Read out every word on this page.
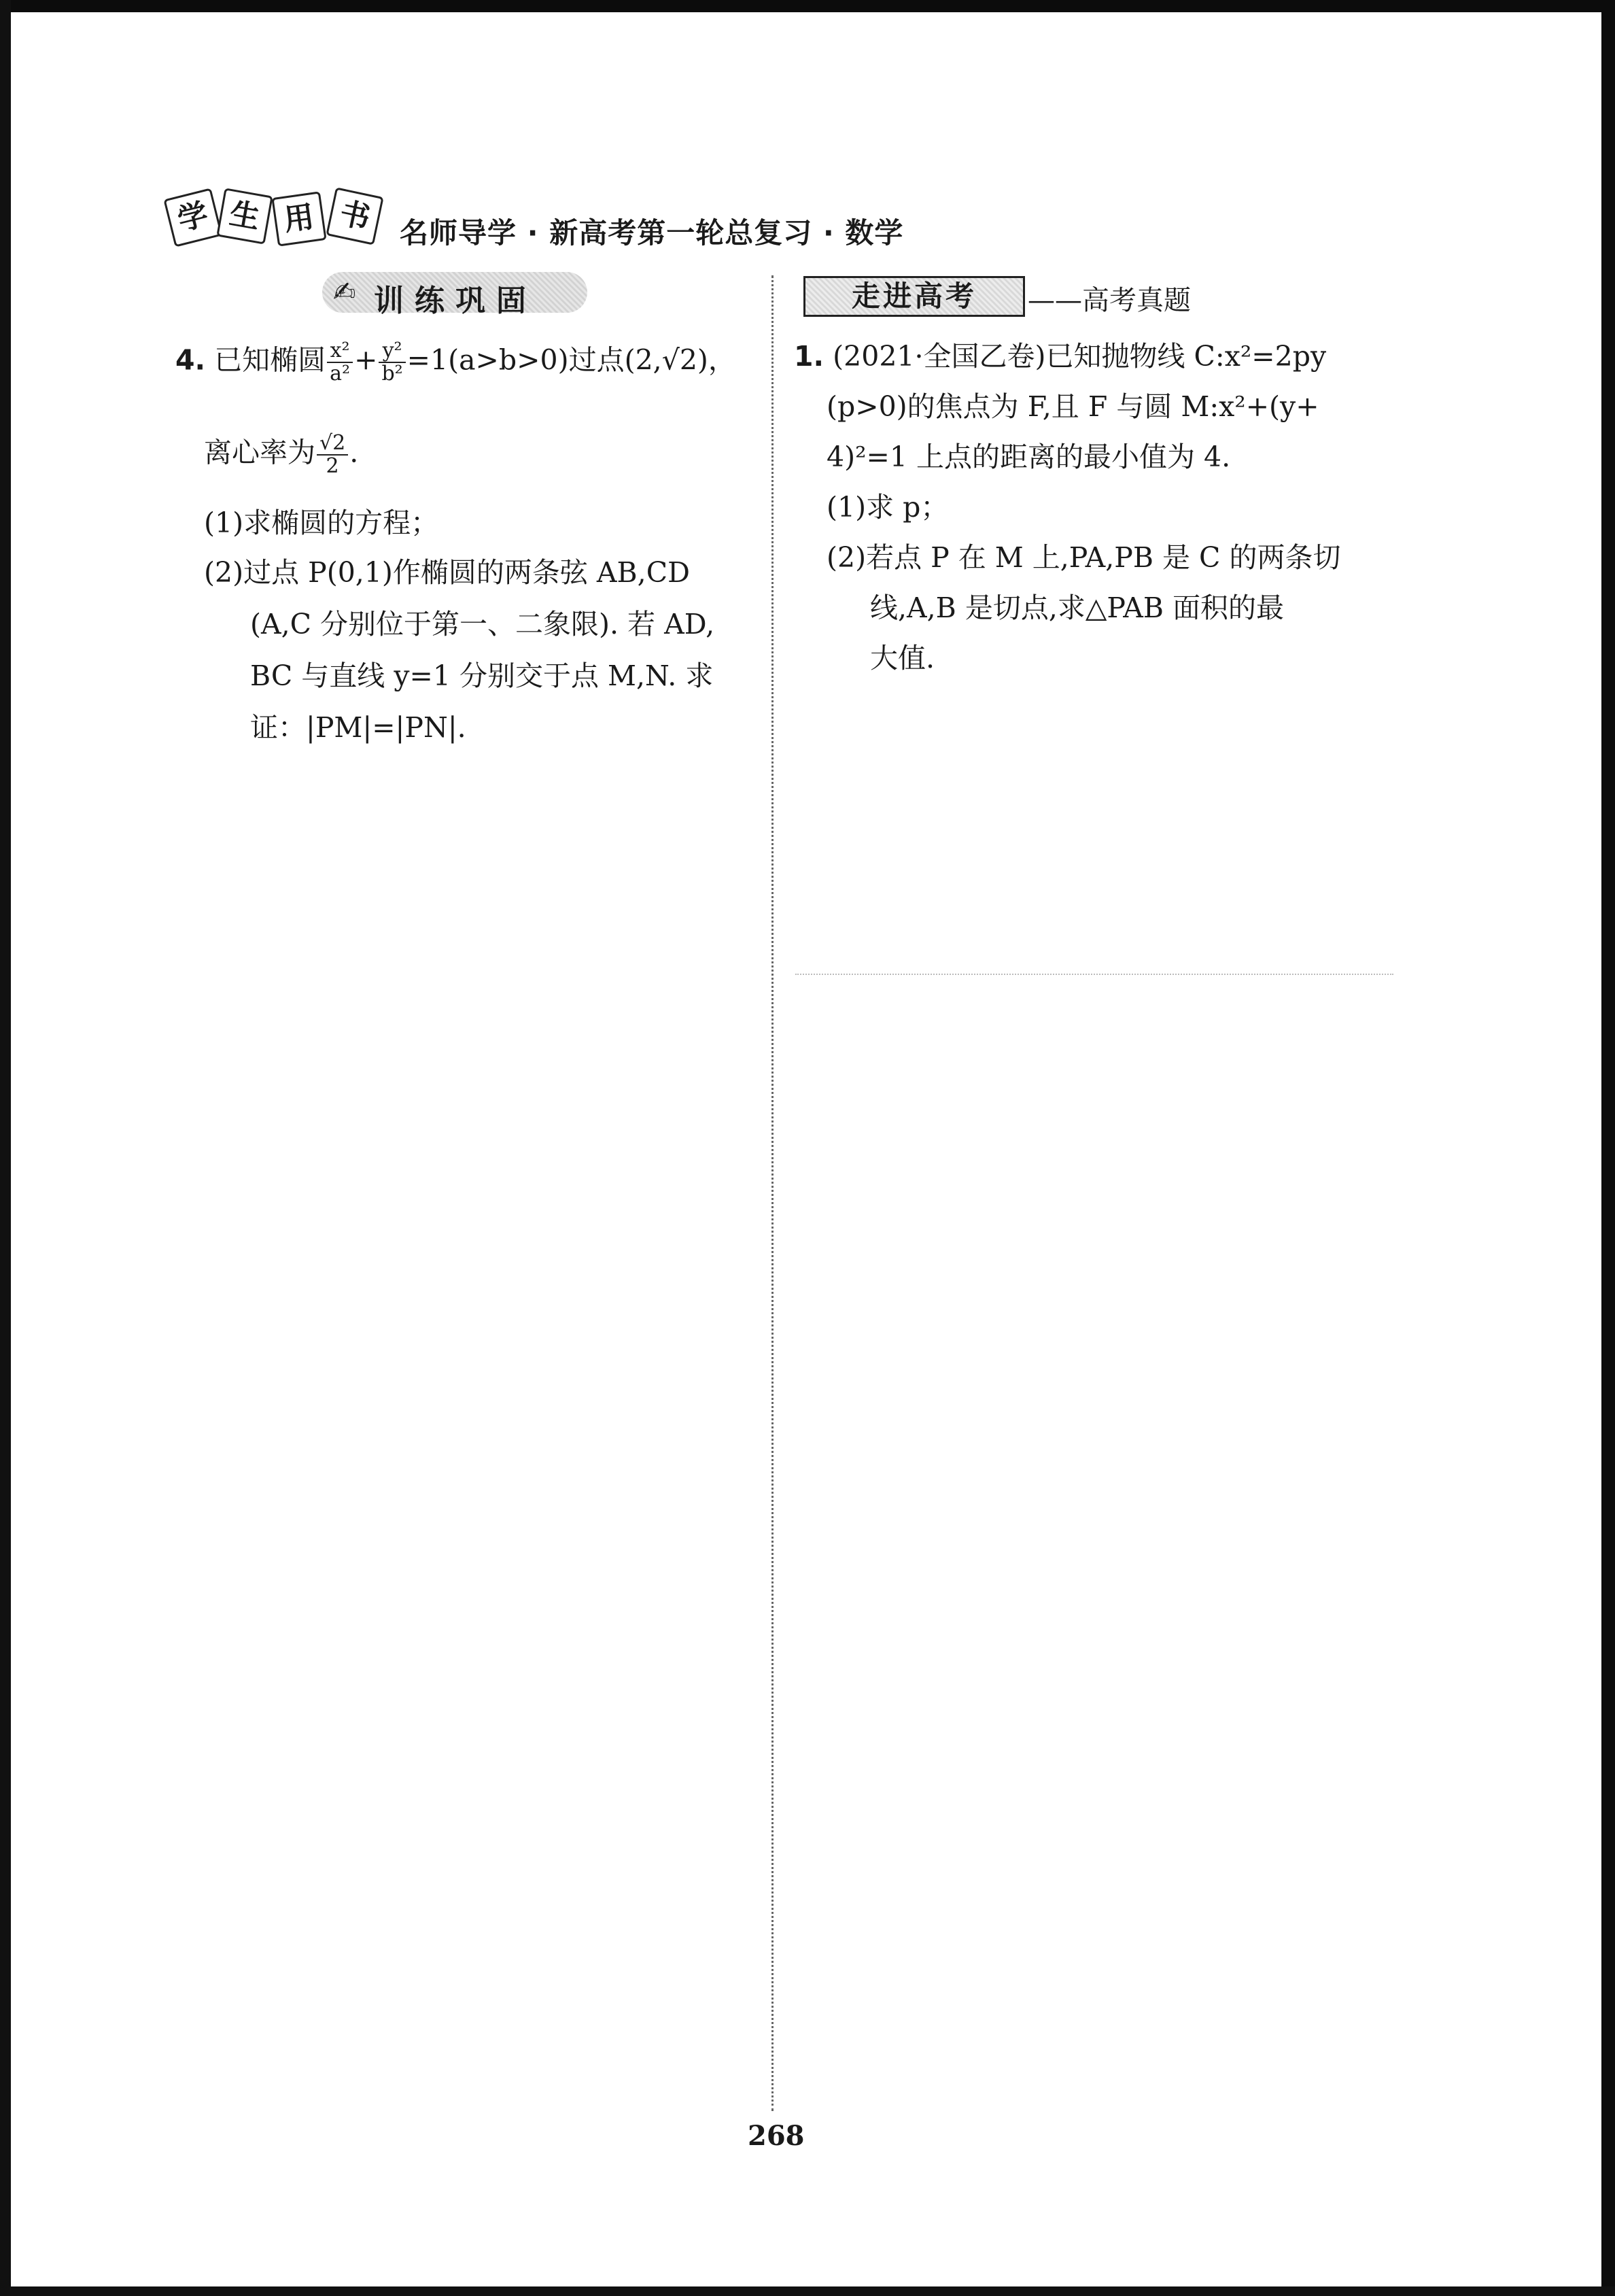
学 生 用 书 名师导学 · 新高考第一轮总复习 · 数学
✍ 训练巩固
4. 已知椭圆 $\frac{\text{x²}}{\text{a²}} + \frac{\text{y²}}{\text{b²}} =1(a>b>0)$过点(2,√2)，
离心率为 $\frac{√2}{2}$ .
(1)求椭圆的方程；
(2)过点 P(0,1)作椭圆的两条弦 AB,CD
(A,C 分别位于第一、二象限). 若 AD,
BC 与直线 y=1 分别交于点 M,N. 求
证：|PM|=|PN|.
走进高考	——高考真题
1. (2021·全国乙卷)已知抛物线 C:x²=2py
(p>0)的焦点为 F,且 F 与圆 M:x²+(y+
4)²=1 上点的距离的最小值为 4.
(1)求 p；
(2)若点 P 在 M 上,PA,PB 是 C 的两条切
线,A,B 是切点,求△PAB 面积的最
大值.
268
